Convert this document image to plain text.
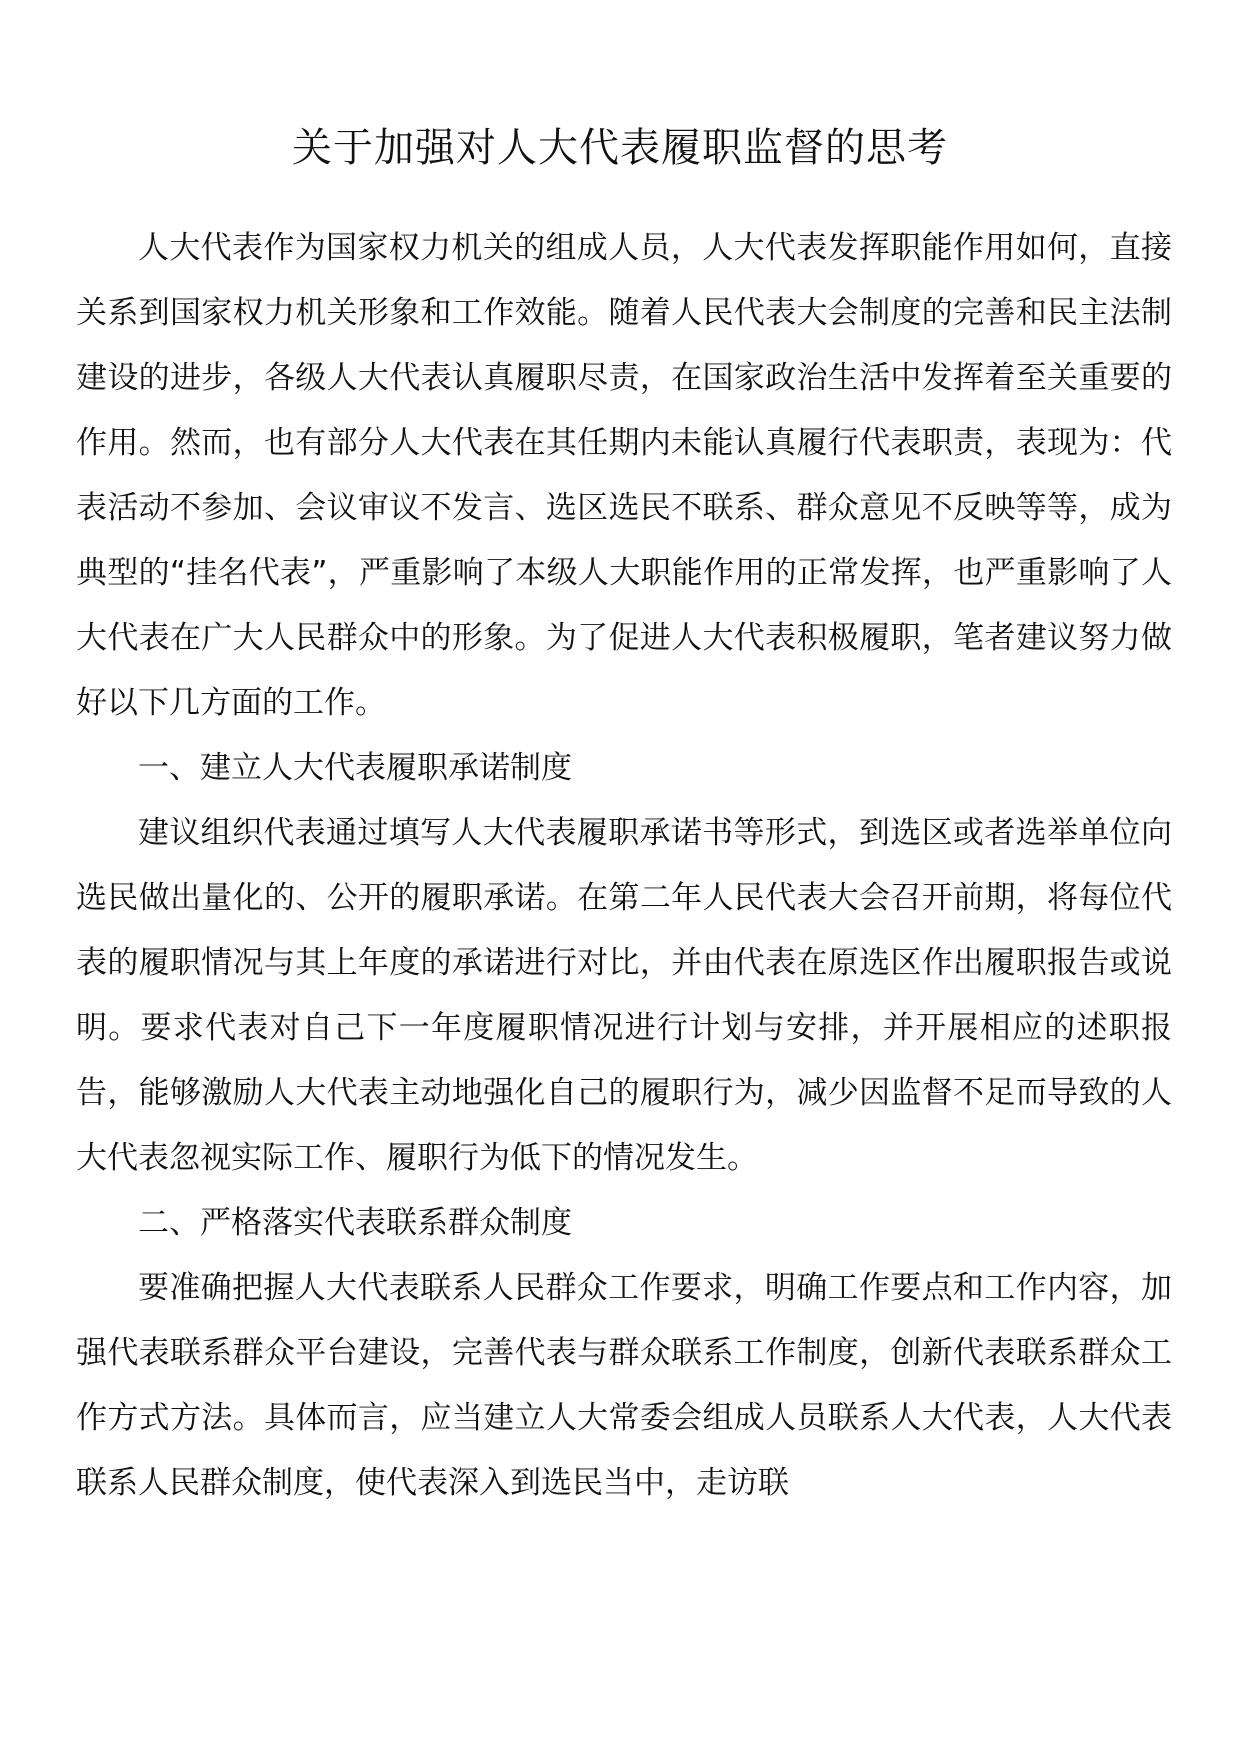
关于加强对人大代表履职监督的思考

人大代表作为国家权力机关的组成人员，人大代表发挥职能作用如何，直接关系到国家权力机关形象和工作效能。随着人民代表大会制度的完善和民主法制建设的进步，各级人大代表认真履职尽责，在国家政治生活中发挥着至关重要的作用。然而，也有部分人大代表在其任期内未能认真履行代表职责，表现为：代表活动不参加、会议审议不发言、选区选民不联系、群众意见不反映等等，成为典型的“挂名代表”，严重影响了本级人大职能作用的正常发挥，也严重影响了人大代表在广大人民群众中的形象。为了促进人大代表积极履职，笔者建议努力做好以下几方面的工作。

一、建立人大代表履职承诺制度

建议组织代表通过填写人大代表履职承诺书等形式，到选区或者选举单位向选民做出量化的、公开的履职承诺。在第二年人民代表大会召开前期，将每位代表的履职情况与其上年度的承诺进行对比，并由代表在原选区作出履职报告或说明。要求代表对自己下一年度履职情况进行计划与安排，并开展相应的述职报告，能够激励人大代表主动地强化自己的履职行为，减少因监督不足而导致的人大代表忽视实际工作、履职行为低下的情况发生。

二、严格落实代表联系群众制度

要准确把握人大代表联系人民群众工作要求，明确工作要点和工作内容，加强代表联系群众平台建设，完善代表与群众联系工作制度，创新代表联系群众工作方式方法。具体而言，应当建立人大常委会组成人员联系人大代表，人大代表联系人民群众制度，使代表深入到选民当中，走访联
